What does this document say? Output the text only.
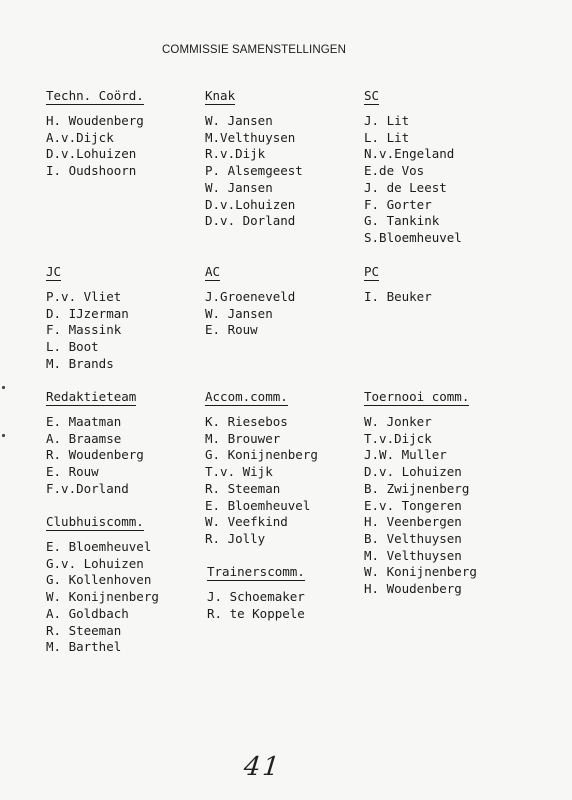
COMMISSIE SAMENSTELLINGEN
Techn. Coörd.
H. Woudenberg
A.v.Dijck
D.v.Lohuizen
I. Oudshoorn
Knak
W. Jansen
M.Velthuysen
R.v.Dijk
P. Alsemgeest
W. Jansen
D.v.Lohuizen
D.v. Dorland
SC
J. Lit
L. Lit
N.v.Engeland
E.de Vos
J. de Leest
F. Gorter
G. Tankink
S.Bloemheuvel
JC
P.v. Vliet
D. IJzerman
F. Massink
L. Boot
M. Brands
AC
J.Groeneveld
W. Jansen
E. Rouw
PC
I. Beuker
Redaktieteam
E. Maatman
A. Braamse
R. Woudenberg
E. Rouw
F.v.Dorland
Accom.comm.
K. Riesebos
M. Brouwer
G. Konijnenberg
T.v. Wijk
R. Steeman
E. Bloemheuvel
W. Veefkind
R. Jolly
Toernooi comm.
W. Jonker
T.v.Dijck
J.W. Muller
D.v. Lohuizen
B. Zwijnenberg
E.v. Tongeren
H. Veenbergen
B. Velthuysen
M. Velthuysen
W. Konijnenberg
H. Woudenberg
Clubhuiscomm.
E. Bloemheuvel
G.v. Lohuizen
G. Kollenhoven
W. Konijnenberg
A. Goldbach
R. Steeman
M. Barthel
Trainerscomm.
J. Schoemaker
R. te Koppele
41
